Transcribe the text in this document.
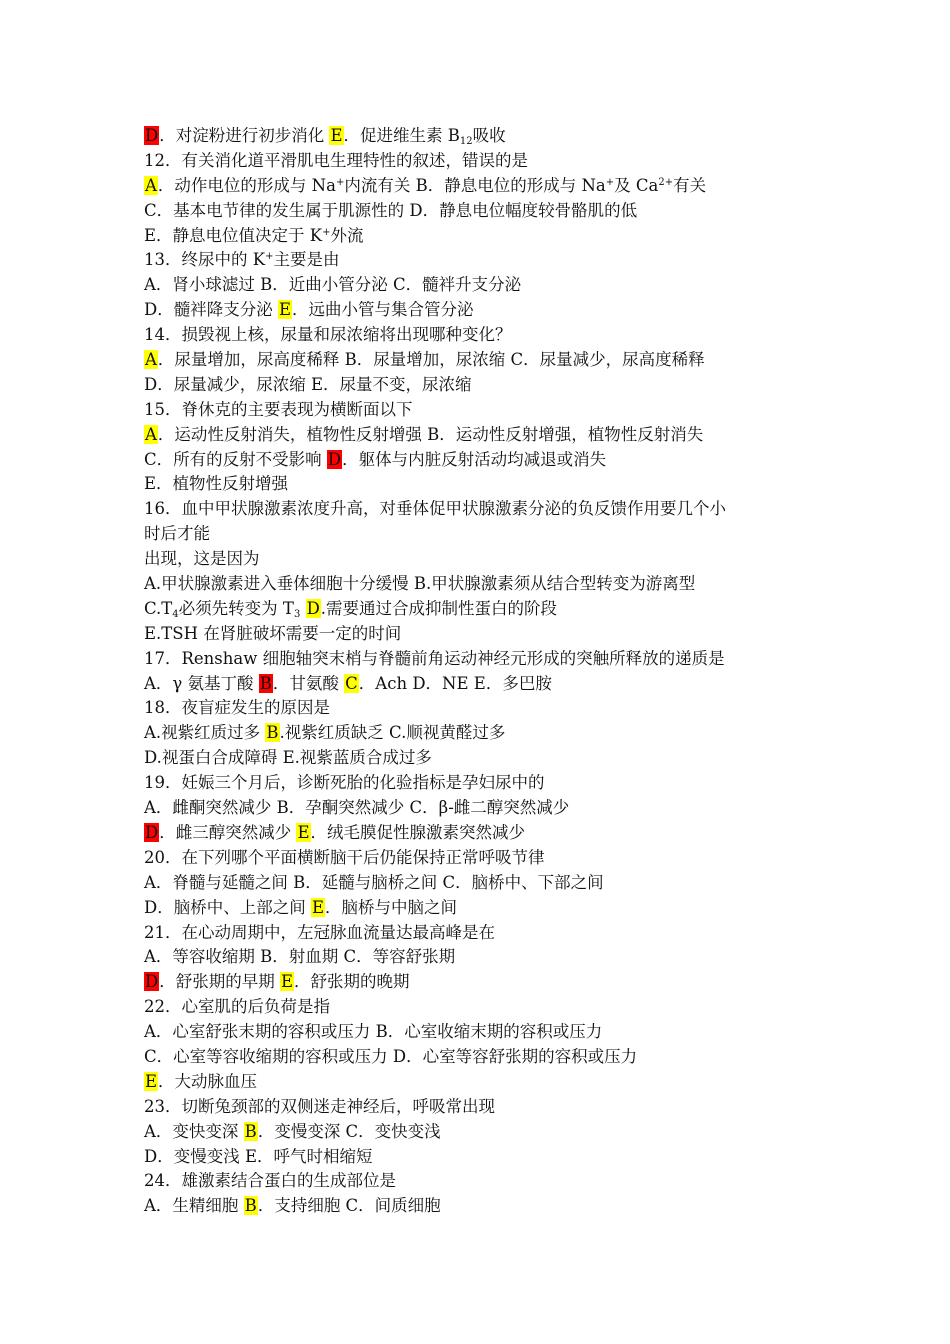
D．对淀粉进行初步消化 E．促进维生素 $B_{12}$吸收
12．有关消化道平滑肌电生理特性的叙述，错误的是
A．动作电位的形成与 Na+内流有关 B．静息电位的形成与 Na+及 $Ca^{2+}$有关
C．基本电节律的发生属于肌源性的 D．静息电位幅度较骨骼肌的低
E．静息电位值决定于 K+外流
13．终尿中的 K+主要是由
A．肾小球滤过 B．近曲小管分泌 C．髓袢升支分泌
D．髓袢降支分泌 E．远曲小管与集合管分泌
14．损毁视上核，尿量和尿浓缩将出现哪种变化？
A．尿量增加，尿高度稀释 B．尿量增加，尿浓缩 C．尿量减少，尿高度稀释
D．尿量减少，尿浓缩 E．尿量不变，尿浓缩
15．脊休克的主要表现为横断面以下
A．运动性反射消失，植物性反射增强 B．运动性反射增强，植物性反射消失
C．所有的反射不受影响 D．躯体与内脏反射活动均减退或消失
E．植物性反射增强
16．血中甲状腺激素浓度升高，对垂体促甲状腺激素分泌的负反馈作用要几个小
时后才能
出现，这是因为
A.甲状腺激素进入垂体细胞十分缓慢 B.甲状腺激素须从结合型转变为游离型
$C.T_4$必须先转变为 $T_3$ D.需要通过合成抑制性蛋白的阶段
E.TSH 在肾脏破坏需要一定的时间
17．Renshaw 细胞轴突末梢与脊髓前角运动神经元形成的突触所释放的递质是
A．γ 氨基丁酸 B．甘氨酸 C．Ach D．NE E．多巴胺
18．夜盲症发生的原因是
A.视紫红质过多 B.视紫红质缺乏 C.顺视黄醛过多
D.视蛋白合成障碍 E.视紫蓝质合成过多
19．妊娠三个月后，诊断死胎的化验指标是孕妇尿中的
A．雌酮突然减少 B．孕酮突然减少 C．β-雌二醇突然减少
D．雌三醇突然减少 E．绒毛膜促性腺激素突然减少
20．在下列哪个平面横断脑干后仍能保持正常呼吸节律
A．脊髓与延髓之间 B．延髓与脑桥之间 C．脑桥中、下部之间
D．脑桥中、上部之间 E．脑桥与中脑之间
21．在心动周期中，左冠脉血流量达最高峰是在
A．等容收缩期 B．射血期 C．等容舒张期
D．舒张期的早期 E．舒张期的晚期
22．心室肌的后负荷是指
A．心室舒张末期的容积或压力 B．心室收缩末期的容积或压力
C．心室等容收缩期的容积或压力 D．心室等容舒张期的容积或压力
E．大动脉血压
23．切断兔颈部的双侧迷走神经后，呼吸常出现
A．变快变深 B．变慢变深 C．变快变浅
D．变慢变浅 E．呼气时相缩短
24．雄激素结合蛋白的生成部位是
A．生精细胞 B．支持细胞 C．间质细胞
